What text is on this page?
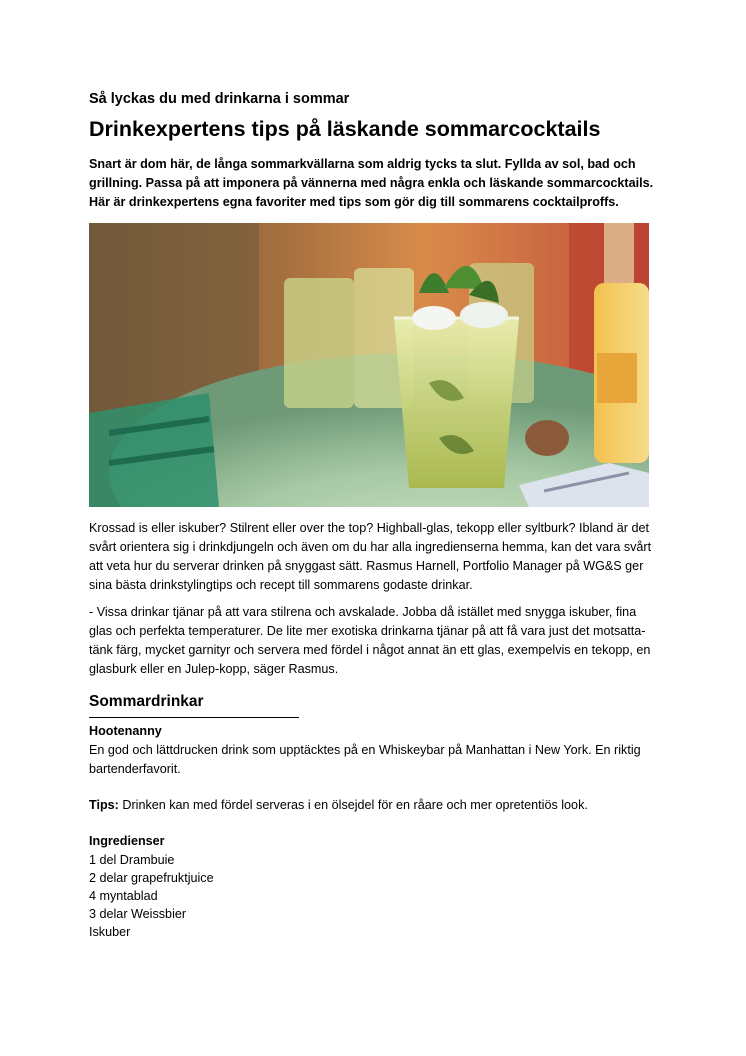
Så lyckas du med drinkarna i sommar

Drinkexpertens tips på läskande sommarcocktails

Snart är dom här, de långa sommarkvällarna som aldrig tycks ta slut. Fyllda av sol, bad och grillning. Passa på att imponera på vännerna med några enkla och läskande sommarcocktails. Här är drinkexpertens egna favoriter med tips som gör dig till sommarens cocktailproffs.

Krossad is eller iskuber? Stilrent eller over the top? Highball-glas, tekopp eller syltburk? Ibland är det svårt orientera sig i drinkdjungeln och även om du har alla ingredienserna hemma, kan det vara svårt att veta hur du serverar drinken på snyggast sätt. Rasmus Harnell, Portfolio Manager på WG&S ger sina bästa drinkstylingtips och recept till sommarens godaste drinkar.

- Vissa drinkar tjänar på att vara stilrena och avskalade. Jobba då istället med snygga iskuber, fina glas och perfekta temperaturer. De lite mer exotiska drinkarna tjänar på att få vara just det motsatta-tänk färg, mycket garnityr och servera med fördel i något annat än ett glas, exempelvis en tekopp, en glasburk eller en Julep-kopp, säger Rasmus.

Sommardrinkar

Hootenanny

En god och lättdrucken drink som upptäcktes på en Whiskeybar på Manhattan i New York. En riktig bartenderfavorit.

Tips: Drinken kan med fördel serveras i en ölsejdel för en råare och mer opretentiös look.

Ingredienser

1 del Drambuie
2 delar grapefruktjuice
4 myntablad
3 delar Weissbier
Iskuber
